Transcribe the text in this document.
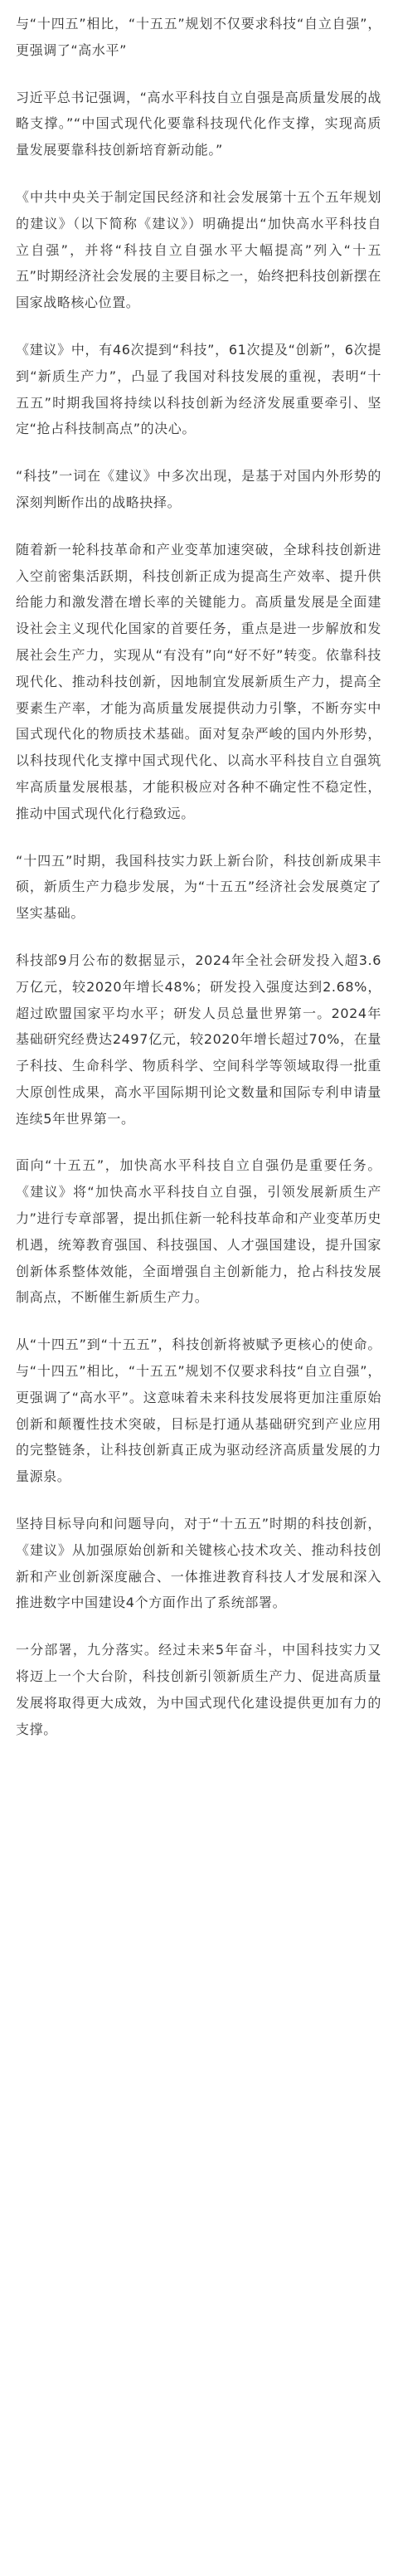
与“十四五”相比，“十五五”规划不仅要求科技“自立自强”，更强调了“高水平”

习近平总书记强调，“高水平科技自立自强是高质量发展的战略支撑。”“中国式现代化要靠科技现代化作支撑，实现高质量发展要靠科技创新培育新动能。”

《中共中央关于制定国民经济和社会发展第十五个五年规划的建议》（以下简称《建议》）明确提出“加快高水平科技自立自强”，并将“科技自立自强水平大幅提高”列入“十五五”时期经济社会发展的主要目标之一，始终把科技创新摆在国家战略核心位置。

《建议》中，有46次提到“科技”，61次提及“创新”，6次提到“新质生产力”，凸显了我国对科技发展的重视，表明“十五五”时期我国将持续以科技创新为经济发展重要牵引、坚定“抢占科技制高点”的决心。

“科技”一词在《建议》中多次出现，是基于对国内外形势的深刻判断作出的战略抉择。

随着新一轮科技革命和产业变革加速突破，全球科技创新进入空前密集活跃期，科技创新正成为提高生产效率、提升供给能力和激发潜在增长率的关键能力。高质量发展是全面建设社会主义现代化国家的首要任务，重点是进一步解放和发展社会生产力，实现从“有没有”向“好不好”转变。依靠科技现代化、推动科技创新，因地制宜发展新质生产力，提高全要素生产率，才能为高质量发展提供动力引擎，不断夯实中国式现代化的物质技术基础。面对复杂严峻的国内外形势，以科技现代化支撑中国式现代化、以高水平科技自立自强筑牢高质量发展根基，才能积极应对各种不确定性不稳定性，推动中国式现代化行稳致远。

“十四五”时期，我国科技实力跃上新台阶，科技创新成果丰硕，新质生产力稳步发展，为“十五五”经济社会发展奠定了坚实基础。

科技部9月公布的数据显示，2024年全社会研发投入超3.6万亿元，较2020年增长48%；研发投入强度达到2.68%，超过欧盟国家平均水平；研发人员总量世界第一。2024年基础研究经费达2497亿元，较2020年增长超过70%，在量子科技、生命科学、物质科学、空间科学等领域取得一批重大原创性成果，高水平国际期刊论文数量和国际专利申请量连续5年世界第一。

面向“十五五”，加快高水平科技自立自强仍是重要任务。《建议》将“加快高水平科技自立自强，引领发展新质生产力”进行专章部署，提出抓住新一轮科技革命和产业变革历史机遇，统筹教育强国、科技强国、人才强国建设，提升国家创新体系整体效能，全面增强自主创新能力，抢占科技发展制高点，不断催生新质生产力。

从“十四五”到“十五五”，科技创新将被赋予更核心的使命。与“十四五”相比，“十五五”规划不仅要求科技“自立自强”，更强调了“高水平”。这意味着未来科技发展将更加注重原始创新和颠覆性技术突破，目标是打通从基础研究到产业应用的完整链条，让科技创新真正成为驱动经济高质量发展的力量源泉。

坚持目标导向和问题导向，对于“十五五”时期的科技创新，《建议》从加强原始创新和关键核心技术攻关、推动科技创新和产业创新深度融合、一体推进教育科技人才发展和深入推进数字中国建设4个方面作出了系统部署。

一分部署，九分落实。经过未来5年奋斗，中国科技实力又将迈上一个大台阶，科技创新引领新质生产力、促进高质量发展将取得更大成效，为中国式现代化建设提供更加有力的支撑。
